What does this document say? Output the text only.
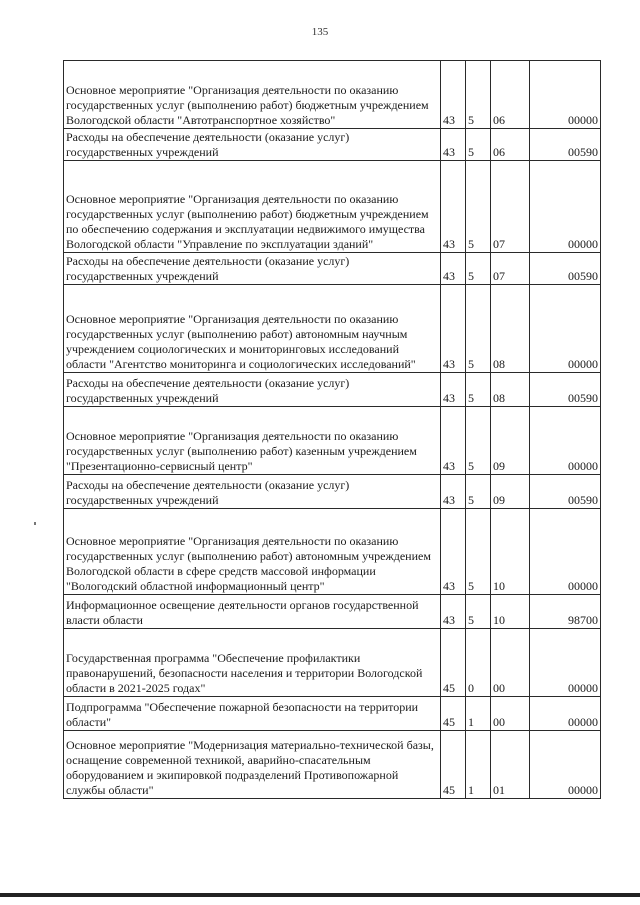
135
Основное мероприятие "Организация деятельности по оказанию государственных услуг (выполнению работ) бюджетным учреждением Вологодской области "Автотранспортное хозяйство"	43	5	06	00000
Расходы на обеспечение деятельности (оказание услуг) государственных учреждений	43	5	06	00590
Основное мероприятие "Организация деятельности по оказанию государственных услуг (выполнению работ) бюджетным учреждением по обеспечению содержания и эксплуатации недвижимого имущества Вологодской области "Управление по эксплуатации зданий"	43	5	07	00000
Расходы на обеспечение деятельности (оказание услуг) государственных учреждений	43	5	07	00590
Основное мероприятие "Организация деятельности по оказанию государственных услуг (выполнению работ) автономным научным учреждением социологических и мониторинговых исследований области "Агентство мониторинга и социологических исследований"	43	5	08	00000
Расходы на обеспечение деятельности (оказание услуг) государственных учреждений	43	5	08	00590
Основное мероприятие "Организация деятельности по оказанию государственных услуг (выполнению работ) казенным учреждением "Презентационно-сервисный центр"	43	5	09	00000
Расходы на обеспечение деятельности (оказание услуг) государственных учреждений	43	5	09	00590
Основное мероприятие "Организация деятельности по оказанию государственных услуг (выполнению работ) автономным учреждением Вологодской области в сфере средств массовой информации "Вологодский областной информационный центр"	43	5	10	00000
Информационное освещение деятельности органов государственной власти области	43	5	10	98700
Государственная программа "Обеспечение профилактики правонарушений, безопасности населения и территории Вологодской области в 2021-2025 годах"	45	0	00	00000
Подпрограмма "Обеспечение пожарной безопасности на территории области"	45	1	00	00000
Основное мероприятие "Модернизация материально-технической базы, оснащение современной техникой, аварийно-спасательным оборудованием и экипировкой подразделений Противопожарной службы области"	45	1	01	00000
